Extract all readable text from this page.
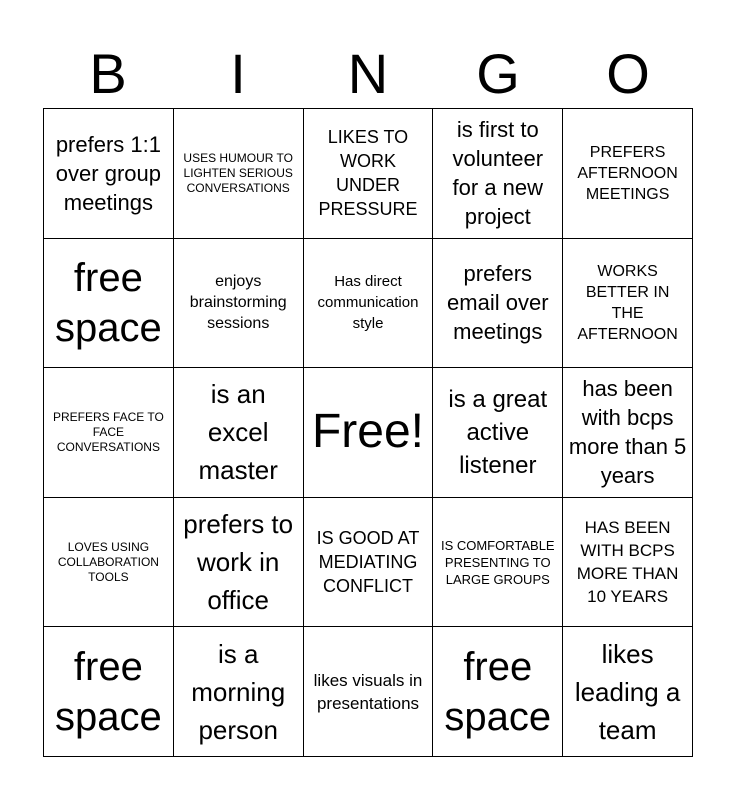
B	I	N	G	O
prefers 1:1 over group meetings
USES HUMOUR TO LIGHTEN SERIOUS CONVERSATIONS
LIKES TO WORK UNDER PRESSURE
is first to volunteer for a new project
PREFERS AFTERNOON MEETINGS
free space
enjoys brainstorming sessions
Has direct communication style
prefers email over meetings
WORKS BETTER IN THE AFTERNOON
PREFERS FACE TO FACE CONVERSATIONS
is an excel master
Free!
is a great active listener
has been with bcps more than 5 years
LOVES USING COLLABORATION TOOLS
prefers to work in office
IS GOOD AT MEDIATING CONFLICT
IS COMFORTABLE PRESENTING TO LARGE GROUPS
HAS BEEN WITH BCPS MORE THAN 10 YEARS
free space
is a morning person
likes visuals in presentations
free space
likes leading a team
